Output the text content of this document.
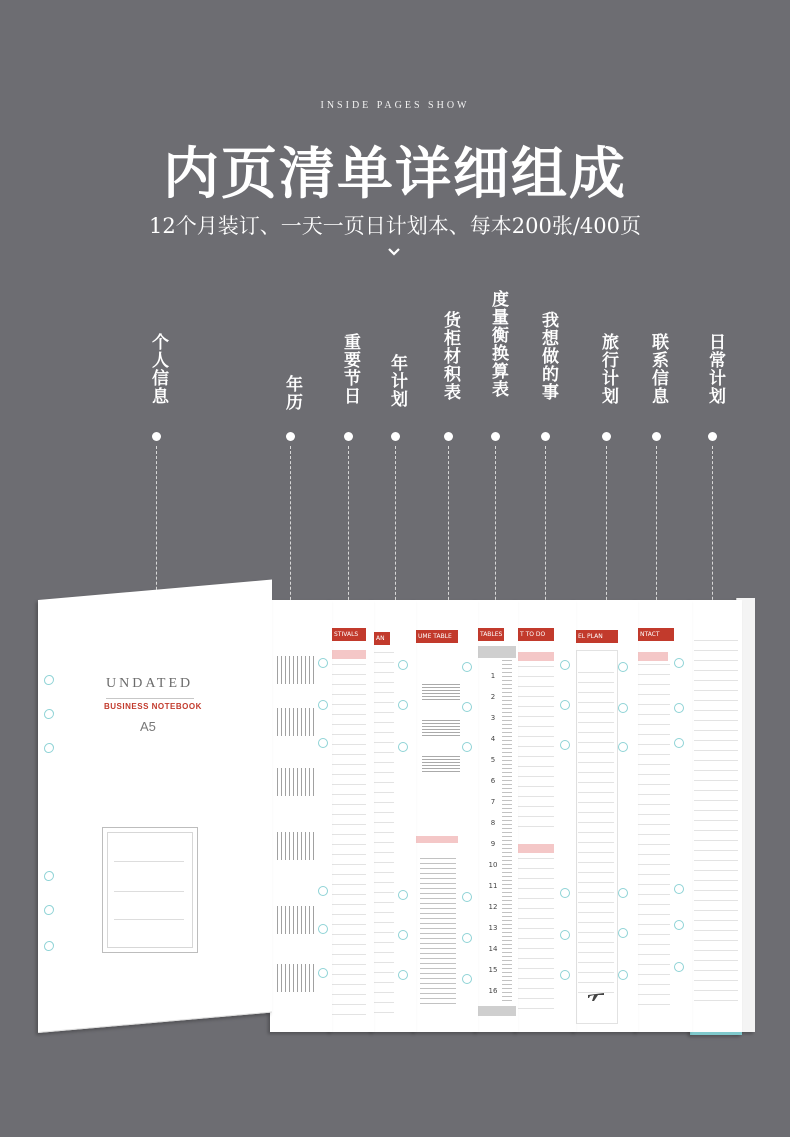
INSIDE PAGES SHOW
内页清单详细组成
12个月装订、一天一页日计划本、每本200张/400页
个人信息	年历 重要节日 年计划 货柜材积表 度量衡换算表 我想做的事 旅行计划 联系信息 日常计划
NTACT
EL PLAN
T TO DO
TABLES
1
2
3
4
5
6
7
8
9
10
11
12
13
14
15
16
UME TABLE
AN
STIVALS
UNDATED
BUSINESS NOTEBOOK
A5
